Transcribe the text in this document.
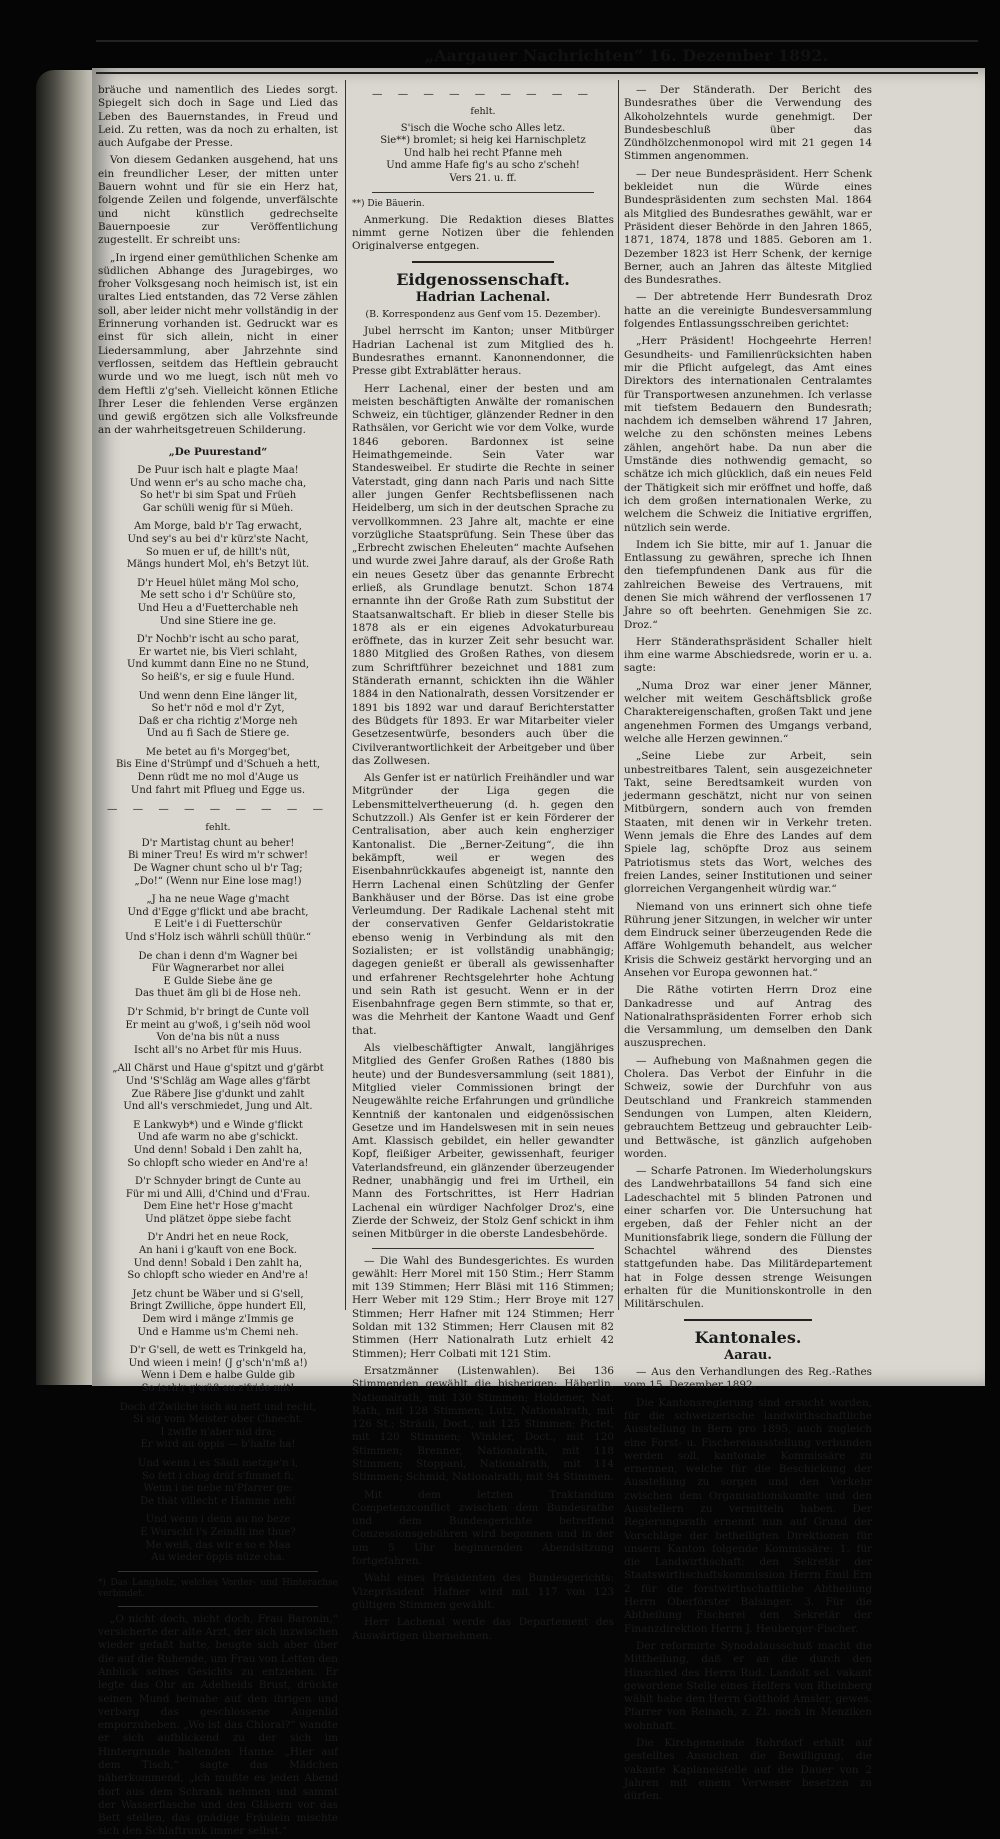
„Aargauer Nachrichten“ 16. Dezember 1892.

bräuche und namentlich des Liedes sorgt. Spiegelt sich doch in Sage und Lied das Leben des Bauernstandes, in Freud und Leid. Zu retten, was da noch zu erhalten, ist auch Aufgabe der Presse.

Von diesem Gedanken ausgehend, hat uns ein freundlicher Leser, der mitten unter Bauern wohnt und für sie ein Herz hat, folgende Zeilen und folgende, unverfälschte und nicht künstlich gedrechselte Bauernpoesie zur Veröffentlichung zugestellt. Er schreibt uns:

„In irgend einer gemüthlichen Schenke am südlichen Abhange des Juragebirges, wo froher Volksgesang noch heimisch ist, ist ein uraltes Lied entstanden, das 72 Verse zählen soll, aber leider nicht mehr vollständig in der Erinnerung vorhanden ist. Gedruckt war es einst für sich allein, nicht in einer Liedersammlung, aber Jahrzehnte sind verflossen, seitdem das Heftlein gebraucht wurde und wo me luegt, isch nüt meh vo dem Heftli z'g'seh. Vielleicht können Etliche Ihrer Leser die fehlenden Verse ergänzen und gewiß ergötzen sich alle Volksfreunde an der wahrheitsgetreuen Schilderung.

„De Puurestand“

De Puur isch halt e plagte Maa!
Und wenn er's au scho mache cha,
So het'r bi sim Spat und Früeh
Gar schüli wenig für si Müeh.

Am Morge, bald b'r Tag erwacht,
Und sey's au bei d'r kürz'ste Nacht,
So muen er uf, de hillt's nüt,
Mängs hundert Mol, eh's Betzyt lüt.

D'r Heuel hület mäng Mol scho,
Me sett scho i d'r Schüüre sto,
Und Heu a d'Fuetterchable neh
Und sine Stiere ine ge.

D'r Nochb'r ischt au scho parat,
Er wartet nie, bis Vieri schlaht,
Und kummt dann Eine no ne Stund,
So heiß's, er sig e fuule Hund.

Und wenn denn Eine länger lit,
So het'r nöd e mol d'r Zyt,
Daß er cha richtig z'Morge neh
Und au fi Sach de Stiere ge.

Me betet au fi's Morgeg'bet,
Bis Eine d'Strümpf und d'Schueh a hett,
Denn rüdt me no mol d'Auge us
Und fahrt mit Pflueg und Egge us.

— — — — — — — — —

fehlt.

D'r Martistag chunt au beher!
Bi miner Treu! Es wird m'r schwer!
De Wagner chunt scho ul b'r Tag;
„Do!“ (Wenn nur Eine lose mag!)

„J ha ne neue Wage g'macht
Und d'Egge g'flickt und abe bracht,
E Leit'e i di Fuetterschür
Und s'Holz isch währli schüll thüür.“

De chan i denn d'm Wagner bei
Für Wagnerarbet nor allei
E Gulde Siebe äne ge
Das thuet äm gli bi de Hose neh.

D'r Schmid, b'r bringt de Cunte voll
Er meint au g'woß, i g'seih nöd wool
Von de'na bis nüt a nuss
Ischt all's no Arbet für mis Huus.

„All Chärst und Haue g'spitzt und g'gärbt
Und 'S'Schläg am Wage alles g'färbt
Zue Räbere Jise g'dunkt und zahlt
Und all's verschmiedet, Jung und Alt.

E Lankwyb*) und e Winde g'flickt
Und afe warm no abe g'schickt.
Und denn! Sobald i Den zahlt ha,
So chlopft scho wieder en And're a!

D'r Schnyder bringt de Cunte au
Für mi und Alli, d'Chind und d'Frau.
Dem Eine het'r Hose g'macht
Und plätzet öppe siebe facht

D'r Andri het en neue Rock,
An hani i g'kauft von ene Bock.
Und denn! Sobald i Den zahlt ha,
So chlopft scho wieder en And're a!

Jetz chunt be Wäber und si G'sell,
Bringt Zwilliche, öppe hundert Ell,
Dem wird i mänge z'Immis ge
Und e Hamme us'm Chemi neh.

D'r G'sell, de wett es Trinkgeld ha,
Und wieen i mein! (J g'sch'n'mß a!)
Wenn i Dem e halbe Gulde gib
So isch'r g'wüß au z'fride mit!

Doch d'Zwilche isch au nett und recht,
Si sig vom Meister ober Chnecht.
I zwifle n'aber nid dra;
Er wird au öppis — b'halte ha!

Und wenn i es Säuli metzge'n i,
So fett i chog drüf s'fimmet fi,
Wenn i ne nebe m'Pfarrer ge:
De thät villecht e Hamme neh!

Und wenn i denn au no beze
E Wurscht i's Zeindli ine thue?
Me weiß, das wir e so e Maa
Au wieder öppis nüze cha.

*) Das Langholz, welches Vorder- und Hinterachse verbindet.

„O nicht doch, nicht doch, Frau Baronin,“ versicherte der alte Arzt, der sich inzwischen wieder gefaßt hatte, beugte sich aber über die auf die Ruhende, um Frau von Letten den Anblick seines Gesichts zu entziehen. Er legte das Ohr an Adelheids Brust, drückte seinen Mund beinahe auf den ihrigen und verbarg das geschlossene Augenlid emporzuheben. „Wo ist das Chloral?“ wandte er sich aufblickend zu der sich im Hintergrunde haltenden Hanne. „Hier auf dem Tisch,“ sagte das Mädchen näherkommend, „ich mußte es jeden Abend dort aus dem Schrank nehmen und sammt der Wasserflasche und den Gläsern vor das Bett stellen, das gnädige Fräulein mischte sich den Schlaftrunk immer selbst.“

— — — — — — — — —

fehlt.

S'isch die Woche scho Alles letz.
Sie**) bromlet; si heig kei Harnischpletz
Und halb hei recht Pfanne meh
Und amme Hafe fig's au scho z'scheh!
Vers 21. u. ff.

**) Die Bäuerin.

Anmerkung. Die Redaktion dieses Blattes nimmt gerne Notizen über die fehlenden Originalverse entgegen.

Eidgenossenschaft.

Hadrian Lachenal.

(B. Korrespondenz aus Genf vom 15. Dezember).

Jubel herrscht im Kanton; unser Mitbürger Hadrian Lachenal ist zum Mitglied des h. Bundesrathes ernannt. Kanonnendonner, die Presse gibt Extrablätter heraus.

Herr Lachenal, einer der besten und am meisten beschäftigten Anwälte der romanischen Schweiz, ein tüchtiger, glänzender Redner in den Rathsälen, vor Gericht wie vor dem Volke, wurde 1846 geboren. Bardonnex ist seine Heimathgemeinde. Sein Vater war Standesweibel. Er studirte die Rechte in seiner Vaterstadt, ging dann nach Paris und nach Sitte aller jungen Genfer Rechtsbeflissenen nach Heidelberg, um sich in der deutschen Sprache zu vervollkommnen. 23 Jahre alt, machte er eine vorzügliche Staatsprüfung. Sein These über das „Erbrecht zwischen Eheleuten“ machte Aufsehen und wurde zwei Jahre darauf, als der Große Rath ein neues Gesetz über das genannte Erbrecht erließ, als Grundlage benutzt. Schon 1874 ernannte ihn der Große Rath zum Substitut der Staatsanwaltschaft. Er blieb in dieser Stelle bis 1878 als er ein eigenes Advokaturbureau eröffnete, das in kurzer Zeit sehr besucht war. 1880 Mitglied des Großen Rathes, von diesem zum Schriftführer bezeichnet und 1881 zum Ständerath ernannt, schickten ihn die Wähler 1884 in den Nationalrath, dessen Vorsitzender er 1891 bis 1892 war und darauf Berichterstatter des Büdgets für 1893. Er war Mitarbeiter vieler Gesetzesentwürfe, besonders auch über die Civilverantwortlichkeit der Arbeitgeber und über das Zollwesen.

Als Genfer ist er natürlich Freihändler und war Mitgründer der Liga gegen die Lebensmittelvertheuerung (d. h. gegen den Schutzzoll.) Als Genfer ist er kein Förderer der Centralisation, aber auch kein engherziger Kantonalist. Die „Berner-Zeitung“, die ihn bekämpft, weil er wegen des Eisenbahnrückkaufes abgeneigt ist, nannte den Herrn Lachenal einen Schützling der Genfer Bankhäuser und der Börse. Das ist eine grobe Verleumdung. Der Radikale Lachenal steht mit der conservativen Genfer Geldaristokratie ebenso wenig in Verbindung als mit den Sozialisten; er ist vollständig unabhängig; dagegen genießt er überall als gewissenhafter und erfahrener Rechtsgelehrter hohe Achtung und sein Rath ist gesucht. Wenn er in der Eisenbahnfrage gegen Bern stimmte, so that er, was die Mehrheit der Kantone Waadt und Genf that.

Als vielbeschäftigter Anwalt, langjähriges Mitglied des Genfer Großen Rathes (1880 bis heute) und der Bundesversammlung (seit 1881), Mitglied vieler Commissionen bringt der Neugewählte reiche Erfahrungen und gründliche Kenntniß der kantonalen und eidgenössischen Gesetze und im Handelswesen mit in sein neues Amt. Klassisch gebildet, ein heller gewandter Kopf, fleißiger Arbeiter, gewissenhaft, feuriger Vaterlandsfreund, ein glänzender überzeugender Redner, unabhängig und frei im Urtheil, ein Mann des Fortschrittes, ist Herr Hadrian Lachenal ein würdiger Nachfolger Droz's, eine Zierde der Schweiz, der Stolz Genf schickt in ihm seinen Mitbürger in die oberste Landesbehörde.

— Die Wahl des Bundesgerichtes. Es wurden gewählt: Herr Morel mit 150 Stim.; Herr Stamm mit 139 Stimmen; Herr Bläsi mit 116 Stimmen; Herr Weber mit 129 Stim.; Herr Broye mit 127 Stimmen; Herr Hafner mit 124 Stimmen; Herr Soldan mit 132 Stimmen; Herr Clausen mit 82 Stimmen (Herr Nationalrath Lutz erhielt 42 Stimmen); Herr Colbati mit 121 Stim.

Ersatzmänner (Listenwahlen). Bei 136 Stimmenden gewählt die bisherigen: Häberlin, Nationalrath, mit 130 Stimmen; Holdener, Nat. Rath, mit 128 Stimmen; Lutz, Nationalrath, mit 126 St.; Sträuli, Doct., mit 125 Stimmen; Pictet, mit 120 Stimmen; Winkler, Doct., mit 120 Stimmen; Brenner, Nationalrath, mit 118 Stimmen; Stoppani, Nationalrath, mit 114 Stimmen; Schmid, Nationalrath, mit 94 Stimmen.

Mit dem letzten Traktandum Competenzconflict zwischen dem Bundesrathe und dem Bundesgerichte betreffend Conzessionsgebühren wird begonnen und in der um 5 Uhr beginnenden Abendsitzung fortgefahren.

Wahl eines Präsidenten des Bundesgerichts: Vizepräsident Hafner wird mit 117 von 123 gültigen Stimmen gewählt.

Herr Lachenal werde das Departement des Auswärtigen übernehmen.

— Der Ständerath. Der Bericht des Bundesrathes über die Verwendung des Alkoholzehntels wurde genehmigt. Der Bundesbeschluß über das Zündhölzchenmonopol wird mit 21 gegen 14 Stimmen angenommen.

— Der neue Bundespräsident. Herr Schenk bekleidet nun die Würde eines Bundespräsidenten zum sechsten Mal. 1864 als Mitglied des Bundesrathes gewählt, war er Präsident dieser Behörde in den Jahren 1865, 1871, 1874, 1878 und 1885. Geboren am 1. Dezember 1823 ist Herr Schenk, der kernige Berner, auch an Jahren das älteste Mitglied des Bundesrathes.

— Der abtretende Herr Bundesrath Droz hatte an die vereinigte Bundesversammlung folgendes Entlassungsschreiben gerichtet:

„Herr Präsident! Hochgeehrte Herren! Gesundheits- und Familienrücksichten haben mir die Pflicht aufgelegt, das Amt eines Direktors des internationalen Centralamtes für Transportwesen anzunehmen. Ich verlasse mit tiefstem Bedauern den Bundesrath; nachdem ich demselben während 17 Jahren, welche zu den schönsten meines Lebens zählen, angehört habe. Da nun aber die Umstände dies nothwendig gemacht, so schätze ich mich glücklich, daß ein neues Feld der Thätigkeit sich mir eröffnet und hoffe, daß ich dem großen internationalen Werke, zu welchem die Schweiz die Initiative ergriffen, nützlich sein werde.

Indem ich Sie bitte, mir auf 1. Januar die Entlassung zu gewähren, spreche ich Ihnen den tiefempfundenen Dank aus für die zahlreichen Beweise des Vertrauens, mit denen Sie mich während der verflossenen 17 Jahre so oft beehrten. Genehmigen Sie zc. Droz.“

Herr Ständerathspräsident Schaller hielt ihm eine warme Abschiedsrede, worin er u. a. sagte:

„Numa Droz war einer jener Männer, welcher mit weitem Geschäftsblick große Charaktereigenschaften, großen Takt und jene angenehmen Formen des Umgangs verband, welche alle Herzen gewinnen.“

„Seine Liebe zur Arbeit, sein unbestreitbares Talent, sein ausgezeichneter Takt, seine Beredtsamkeit wurden von jedermann geschätzt, nicht nur von seinen Mitbürgern, sondern auch von fremden Staaten, mit denen wir in Verkehr treten. Wenn jemals die Ehre des Landes auf dem Spiele lag, schöpfte Droz aus seinem Patriotismus stets das Wort, welches des freien Landes, seiner Institutionen und seiner glorreichen Vergangenheit würdig war.“

Niemand von uns erinnert sich ohne tiefe Rührung jener Sitzungen, in welcher wir unter dem Eindruck seiner überzeugenden Rede die Affäre Wohlgemuth behandelt, aus welcher Krisis die Schweiz gestärkt hervorging und an Ansehen vor Europa gewonnen hat.“

Die Räthe votirten Herrn Droz eine Dankadresse und auf Antrag des Nationalrathspräsidenten Forrer erhob sich die Versammlung, um demselben den Dank auszusprechen.

— Aufhebung von Maßnahmen gegen die Cholera. Das Verbot der Einfuhr in die Schweiz, sowie der Durchfuhr von aus Deutschland und Frankreich stammenden Sendungen von Lumpen, alten Kleidern, gebrauchtem Bettzeug und gebrauchter Leib- und Bettwäsche, ist gänzlich aufgehoben worden.

— Scharfe Patronen. Im Wiederholungskurs des Landwehrbataillons 54 fand sich eine Ladeschachtel mit 5 blinden Patronen und einer scharfen vor. Die Untersuchung hat ergeben, daß der Fehler nicht an der Munitionsfabrik liege, sondern die Füllung der Schachtel während des Dienstes stattgefunden habe. Das Militärdepartement hat in Folge dessen strenge Weisungen erhalten für die Munitionskontrolle in den Militärschulen.

Kantonales.

Aarau.

— Aus den Verhandlungen des Reg.-Rathes vom 15. Dezember 1892.

Die Kantonsregierung sind ersucht worden, für die schweizerische landwirthschaftliche Ausstellung in Bern pro 1895, auch zugleich eine Forst- u. Fischereiausstellung verbunden werden soll, kantonale Kommissäre zu ernennen, welche für die Beschickung der Ausstellung zu sorgen und den Verkehr zwischen dem Organisationskomite und den Ausstellern zu vermitteln haben. Der Regierungsrath ernennt nun auf Grund der Vorschläge der betheiligten Direktionen für unsern Kanton folgende Kommissäre: 1. für die Landwirthschaft: den Sekretär der Staatswirthschaftskommission Herrn Emil Ern 2 für die forstwirthschaftliche Abtheilung Herrn Oberförster Balsinger. 3. Für die Abtheilung Fischerei den Sekretär der Finanzdirektion Herrn J. Heuberger-Fischer.

Der reformirte Synodalausschuß macht die Mittheilung, daß er an die durch den Hinschied des Herrn Rud. Landolt sel. vakant gewordene Stelle eines Helfers von Rheinberg wählt habe den Herrn Gotthold Amsler, gewes. Pfarrer von Reinach, z. Zt. noch in Menziken wohnhaft.

Die Kirchgemeinde Rohrdorf erhält auf gestelltes Ansuchen die Bewilligung, die vakante Kaplaneistelle auf die Dauer von 2 Jahren mit einem Verweser besetzen zu dürfen.
